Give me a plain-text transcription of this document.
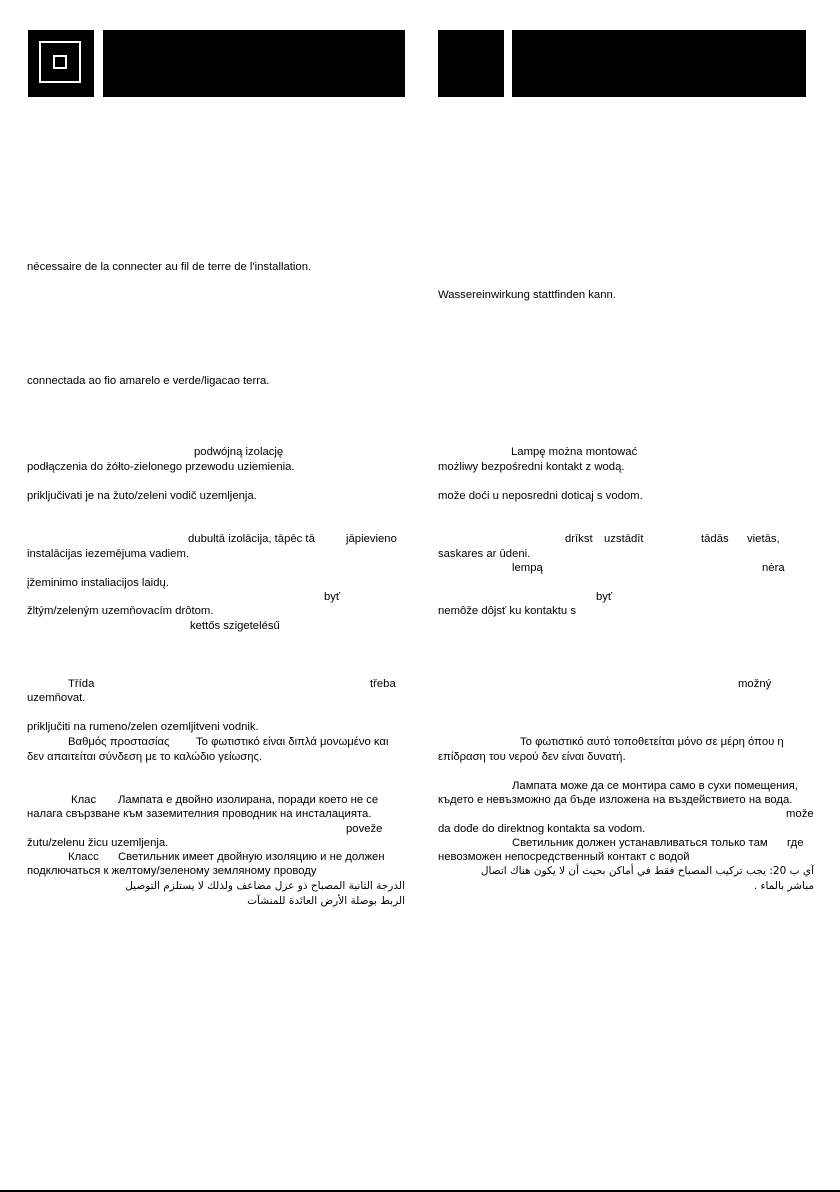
nécessaire de la connecter au fil de terre de l'installation.
connectada ao fio amarelo e verde/ligacao terra.
podwójną izolację
podłączenia do żółto-zielonego przewodu uziemienia.
priključivati je na žuto/zeleni vodič uzemljenja.
dubultā izolācija, tāpēc tā	jāpievieno
instalācijas iezemējuma vadiem.
įžeminimo instaliacijos laidų.
byť
žltým/zeleným uzemňovacím drôtom.
kettős szigetelésű
Třída	třeba
uzemňovat.
priključiti na rumeno/zelen ozemljitveni vodnik.
Βαθμός προστασίας Το φωτιστικό είναι διπλά μονωμένο και
δεν απαιτείται σύνδεση με το καλώδιο γείωσης.
Клас Лампата е двойно изолирана, поради което не се
налага свързване към заземителния проводник на инсталацията.
poveže
žutu/zelenu žicu uzemljenja.
Класс Светильник имеет двойную изоляцию и не должен
подключаться к желтому/зеленому земляному проводу
الدرجة الثانية المصباح ذو عزل مضاعف ولذلك لا يستلزم التوصيل
الربط بوصلة الأرض العائدة للمنشآت
Wassereinwirkung stattfinden kann.
Lampę można montować
możliwy bezpośredni kontakt z wodą.
može doći u neposredni doticaj s vodom.
drīkst uzstādīt	tādās vietās,
saskares ar ūdeni.
lempą	nėra
byť
nemôže dôjsť ku kontaktu s
možný
Το φωτιστικό αυτό τοποθετείται μόνο σε μέρη όπου η
επίδραση του νερού δεν είναι δυνατή.
Лампата може да се монтира само в сухи помещения,
където е невъзможно да бъде изложена на въздействието на вода.
može
da dođe do direktnog kontakta sa vodom.
Светильник должен устанавливаться только там где
невозможен непосредственный контакт с водой
آي ب 20: يجب تركيب المصباح فقط في أماكن بحيث أن لا يكون هناك اتصال
مباشر بالماء .
